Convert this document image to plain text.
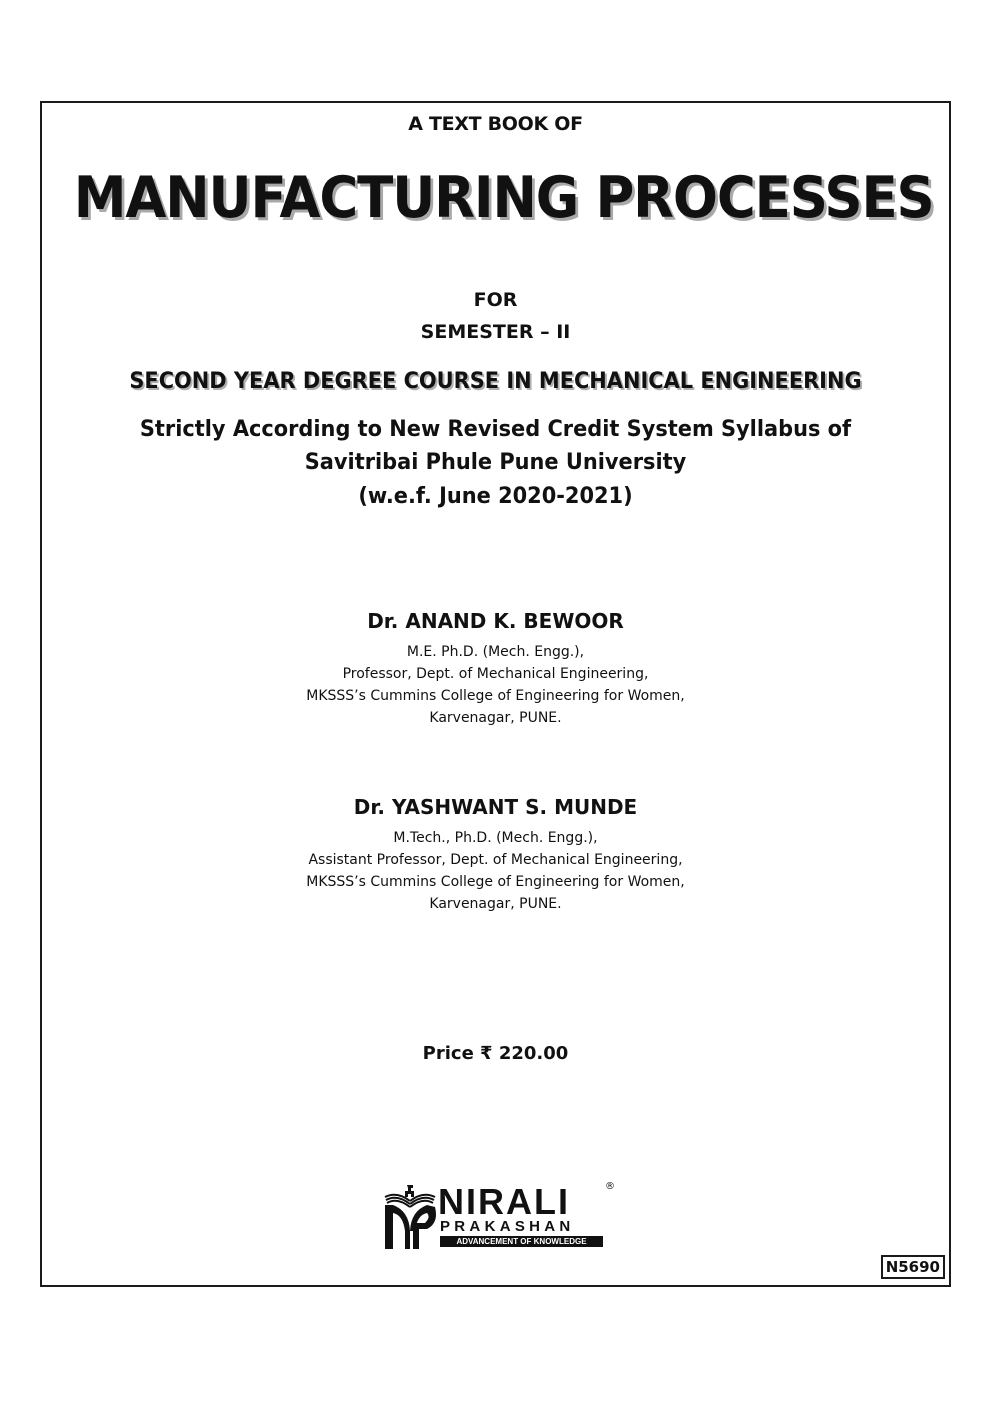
A TEXT BOOK OF
MANUFACTURING PROCESSES
FOR
SEMESTER – II
SECOND YEAR DEGREE COURSE IN MECHANICAL ENGINEERING
Strictly According to New Revised Credit System Syllabus of
Savitribai Phule Pune University
(w.e.f. June 2020-2021)
Dr. ANAND K. BEWOOR
M.E. Ph.D. (Mech. Engg.),
Professor, Dept. of Mechanical Engineering,
MKSSS’s Cummins College of Engineering for Women,
Karvenagar, PUNE.
Dr. YASHWANT S. MUNDE
M.Tech., Ph.D. (Mech. Engg.),
Assistant Professor, Dept. of Mechanical Engineering,
MKSSS’s Cummins College of Engineering for Women,
Karvenagar, PUNE.
Price ₹ 220.00
NIRALI	®
PRAKASHAN
ADVANCEMENT OF KNOWLEDGE
N5690
